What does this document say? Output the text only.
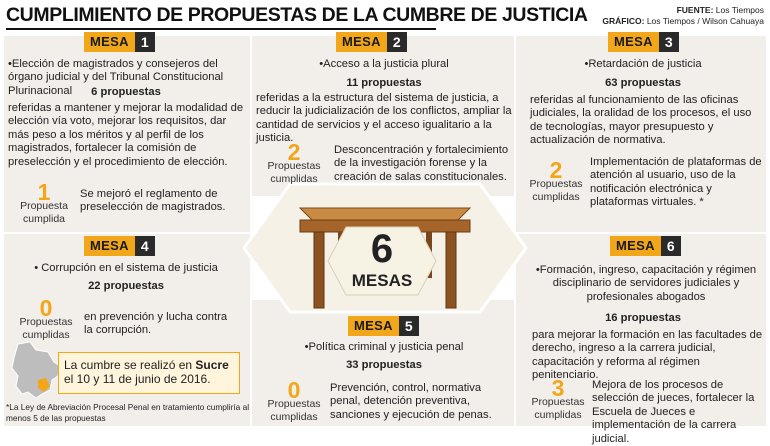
CUMPLIMIENTO DE PROPUESTAS DE LA CUMBRE DE JUSTICIA	FUENTE: Los Tiempos
GRÁFICO: Los Tiempos / Wilson Cahuaya
6
MESAS
MESA 1
•Elección de magistrados y consejeros del órgano judicial y del Tribunal Constitucional Plurinacional	6 propuestas
referidas a mantener y mejorar la modalidad de elección vía voto, mejorar los requisitos, dar más peso a los méritos y al perfil de los magistrados, fortalecer la comisión de preselección y el procedimiento de elección.
1
Propuesta cumplida
Se mejoró el reglamento de preselección de magistrados.
MESA 2
•Acceso a la justicia plural
11 propuestas
referidas a la estructura del sistema de justicia, a reducir la judicialización de los conflictos, ampliar la cantidad de servicios y el acceso igualitario a la justicia.
2
Propuestas cumplidas
Desconcentración y fortalecimiento de la investigación forense y la creación de salas constitucionales.
MESA 3
•Retardación de justicia
63 propuestas
referidas al funcionamiento de las oficinas judiciales, la oralidad de los procesos, el uso de tecnologías, mayor presupuesto y actualización de normativa.
2
Propuestas cumplidas
Implementación de plataformas de atención al usuario, uso de la notificación electrónica y plataformas virtuales. *
MESA 4
• Corrupción en el sistema de justicia
22 propuestas
0
Propuestas cumplidas
en prevención y lucha contra la corrupción.
La cumbre se realizó en Sucre
el 10 y 11 de junio de 2016.
*La Ley de Abreviación Procesal Penal en tratamiento cumpliría al menos 5 de las propuestas
MESA 5
•Política criminal y justicia penal
33 propuestas
0
Propuestas cumplidas
Prevención, control, normativa penal, detención preventiva, sanciones y ejecución de penas.
MESA 6
•Formación, ingreso, capacitación y régimen disciplinario de servidores judiciales y profesionales abogados
16 propuestas
para mejorar la formación en las facultades de derecho, ingreso a la carrera judicial, capacitación y reforma al régimen penitenciario.
3
Propuestas cumplidas
Mejora de los procesos de selección de jueces, fortalecer la Escuela de Jueces e implementación de la carrera judicial.
